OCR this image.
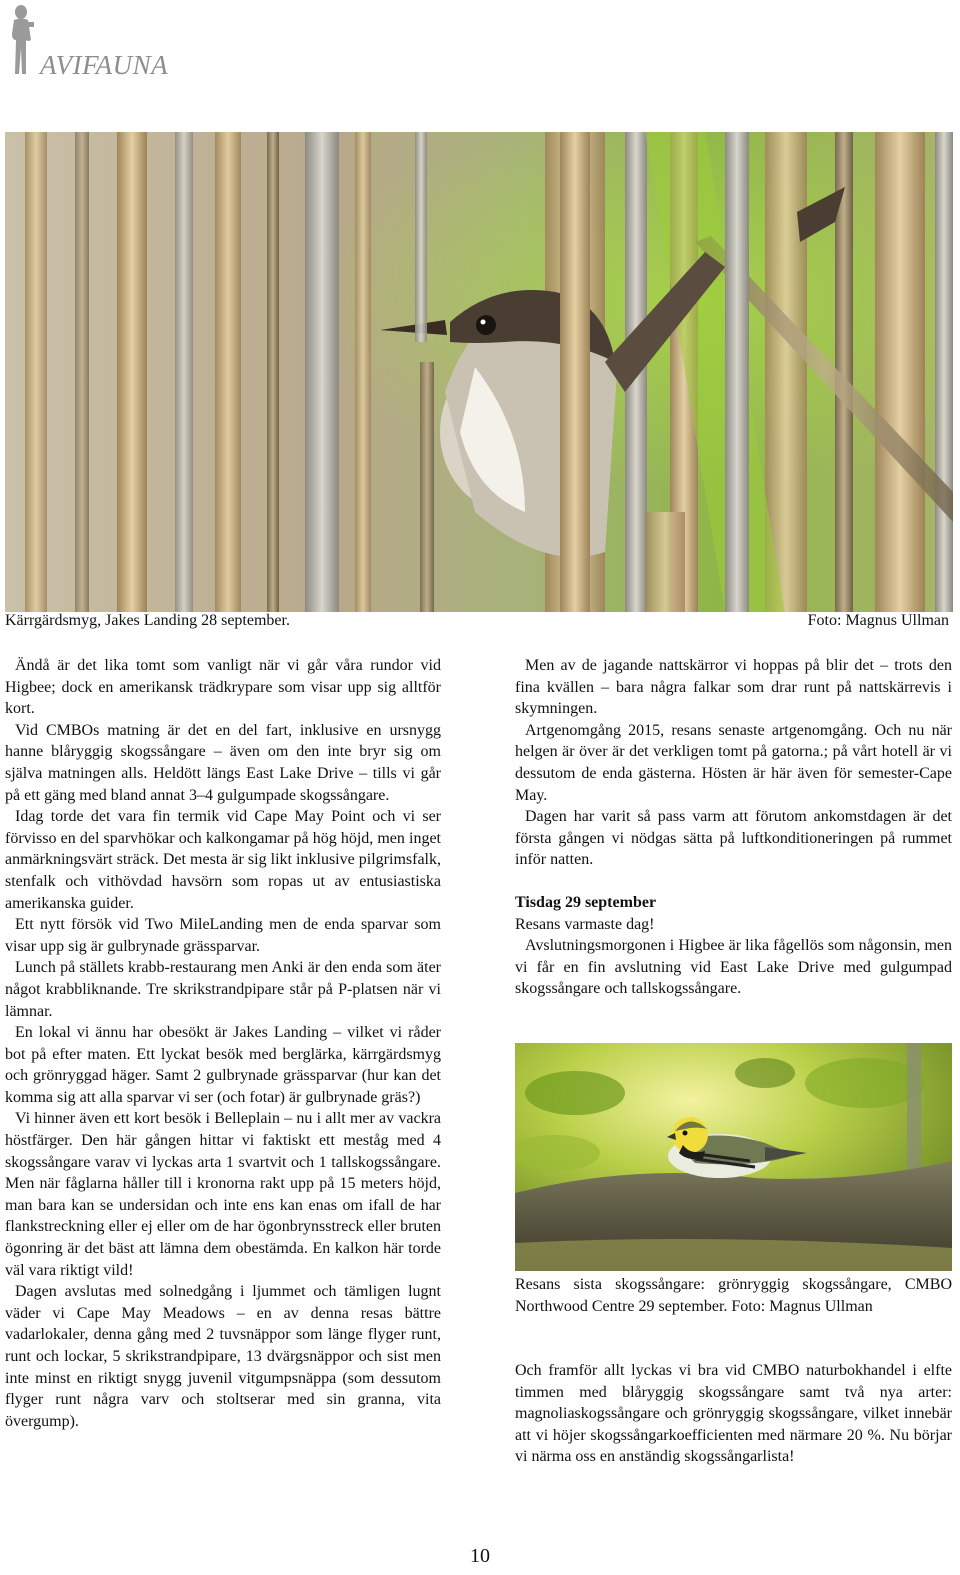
AVIFAUNA
Kärrgärdsmyg, Jakes Landing 28 september.	Foto: Magnus Ullman

Ändå är det lika tomt som vanligt när vi går våra rundor vid Higbee; dock en amerikansk trädkrypare som visar upp sig alltför kort.

Vid CMBOs matning är det en del fart, inklusive en ursnygg hanne blåryggig skogssångare – även om den inte bryr sig om själva matningen alls. Heldött längs East Lake Drive – tills vi går på ett gäng med bland annat 3–4 gulgumpade skogssångare.

Idag torde det vara fin termik vid Cape May Point och vi ser förvisso en del sparvhökar och kalkongamar på hög höjd, men inget anmärkningsvärt sträck. Det mesta är sig likt inklusive pilgrimsfalk, stenfalk och vithövdad havsörn som ropas ut av entusiastiska amerikanska guider.

Ett nytt försök vid Two MileLanding men de enda sparvar som visar upp sig är gulbrynade grässparvar.

Lunch på ställets krabb-restaurang men Anki är den enda som äter något krabbliknande. Tre skrikstrandpipare står på P-platsen när vi lämnar.

En lokal vi ännu har obesökt är Jakes Landing – vilket vi råder bot på efter maten. Ett lyckat besök med berglärka, kärrgärdsmyg och grönryggad häger. Samt 2 gulbrynade grässparvar (hur kan det komma sig att alla sparvar vi ser (och fotar) är gulbrynade gräs?)

Vi hinner även ett kort besök i Belleplain – nu i allt mer av vackra höstfärger. Den här gången hittar vi faktiskt ett meståg med 4 skogssångare varav vi lyckas arta 1 svartvit och 1 tallskogssångare. Men när fåglarna håller till i kronorna rakt upp på 15 meters höjd, man bara kan se undersidan och inte ens kan enas om ifall de har flankstreckning eller ej eller om de har ögonbrynsstreck eller bruten ögonring är det bäst att lämna dem obestämda. En kalkon här torde väl vara riktigt vild!

Dagen avslutas med solnedgång i ljummet och tämligen lugnt väder vi Cape May Meadows – en av denna resas bättre vadarlokaler, denna gång med 2 tuvsnäppor som länge flyger runt, runt och lockar, 5 skrikstrandpipare, 13 dvärgsnäppor och sist men inte minst en riktigt snygg juvenil vitgumpsnäppa (som dessutom flyger runt några varv och stoltserar med sin granna, vita övergump).

Men av de jagande nattskärror vi hoppas på blir det – trots den fina kvällen – bara några falkar som drar runt på nattskärrevis i skymningen.

Artgenomgång 2015, resans senaste artgenomgång. Och nu när helgen är över är det verkligen tomt på gatorna.; på vårt hotell är vi dessutom de enda gästerna. Hösten är här även för semester-Cape May.

Dagen har varit så pass varm att förutom ankomstdagen är det första gången vi nödgas sätta på luftkonditioneringen på rummet inför natten.

Tisdag 29 september

Resans varmaste dag!

Avslutningsmorgonen i Higbee är lika fågellös som någonsin, men vi får en fin avslutning vid East Lake Drive med gulgumpad skogssångare och tallskogssångare.

Resans sista skogssångare: grönryggig skogssångare, CMBO Northwood Centre 29 september. Foto: Magnus Ullman
Och framför allt lyckas vi bra vid CMBO naturbokhandel i elfte timmen med blåryggig skogssångare samt två nya arter: magnoliaskogssångare och grönryggig skogssångare, vilket innebär att vi höjer skogssångarkoefficienten med närmare 20 %. Nu börjar vi närma oss en anständig skogssångarlista!
10
